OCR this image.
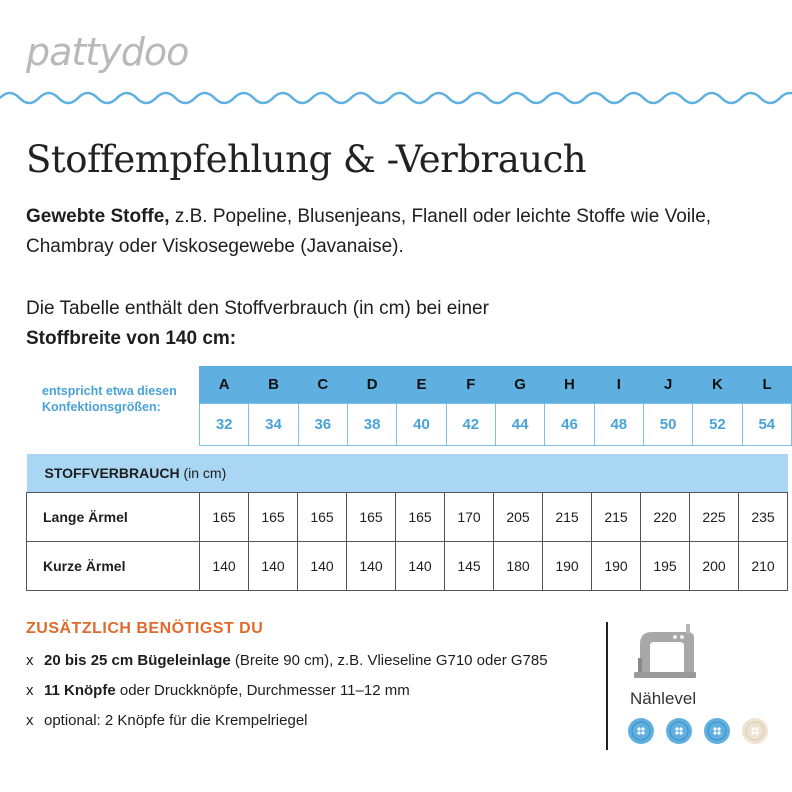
pattydoo
Stoffempfehlung & -Verbrauch
Gewebte Stoffe, z.B. Popeline, Blusenjeans, Flanell oder leichte Stoffe wie Voile, Chambray oder Viskosegewebe (Javanaise).
Die Tabelle enthält den Stoffverbrauch (in cm) bei einer
Stoffbreite von 140 cm:
entspricht etwa diesen Konfektionsgrößen:
A	B	C	D	E	F	G	H	I	J	K	L
32	34	36	38	40	42	44	46	48	50	52	54
STOFFVERBRAUCH (in cm)												
Lange Ärmel	165	165	165	165	165	170	205	215	215	220	225	235
Kurze Ärmel	140	140	140	140	140	145	180	190	190	195	200	210
ZUSÄTZLICH BENÖTIGST DU
x 20 bis 25 cm Bügeleinlage (Breite 90 cm), z.B. Vlieseline G710 oder G785
x 11 Knöpfe oder Druckknöpfe, Durchmesser 11–12 mm
x optional: 2 Knöpfe für die Krempelriegel
Nählevel
